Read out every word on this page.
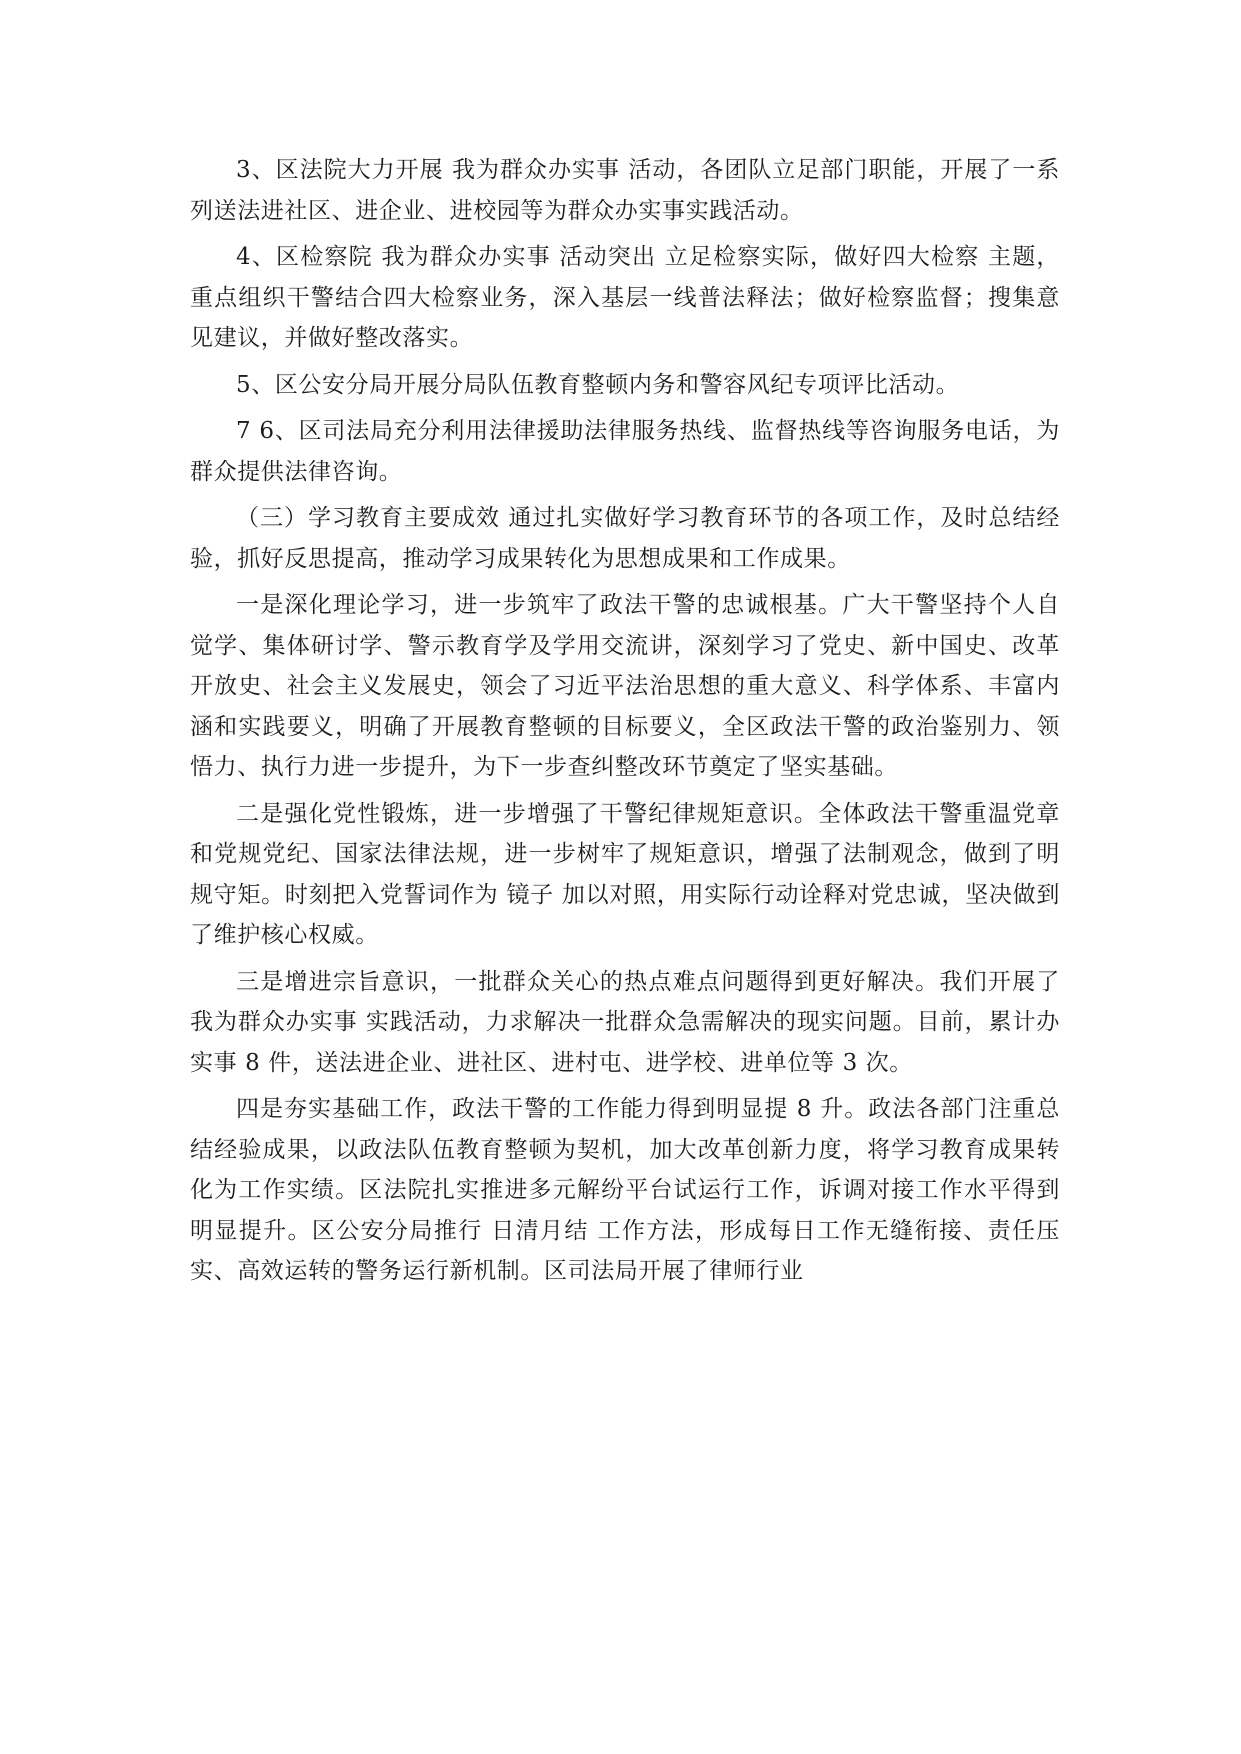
3、区法院大力开展 我为群众办实事 活动，各团队立足部门职能，开展了一系列送法进社区、进企业、进校园等为群众办实事实践活动。

4、区检察院 我为群众办实事 活动突出 立足检察实际，做好四大检察 主题，重点组织干警结合四大检察业务，深入基层一线普法释法；做好检察监督；搜集意见建议，并做好整改落实。

5、区公安分局开展分局队伍教育整顿内务和警容风纪专项评比活动。

7 6、区司法局充分利用法律援助法律服务热线、监督热线等咨询服务电话，为群众提供法律咨询。

（三）学习教育主要成效 通过扎实做好学习教育环节的各项工作，及时总结经验，抓好反思提高，推动学习成果转化为思想成果和工作成果。

一是深化理论学习，进一步筑牢了政法干警的忠诚根基。广大干警坚持个人自觉学、集体研讨学、警示教育学及学用交流讲，深刻学习了党史、新中国史、改革开放史、社会主义发展史，领会了习近平法治思想的重大意义、科学体系、丰富内涵和实践要义，明确了开展教育整顿的目标要义，全区政法干警的政治鉴别力、领悟力、执行力进一步提升，为下一步查纠整改环节奠定了坚实基础。

二是强化党性锻炼，进一步增强了干警纪律规矩意识。全体政法干警重温党章和党规党纪、国家法律法规，进一步树牢了规矩意识，增强了法制观念，做到了明规守矩。时刻把入党誓词作为 镜子 加以对照，用实际行动诠释对党忠诚，坚决做到了维护核心权威。

三是增进宗旨意识，一批群众关心的热点难点问题得到更好解决。我们开展了 我为群众办实事 实践活动，力求解决一批群众急需解决的现实问题。目前，累计办实事 8 件，送法进企业、进社区、进村屯、进学校、进单位等 3 次。

四是夯实基础工作，政法干警的工作能力得到明显提 8 升。政法各部门注重总结经验成果，以政法队伍教育整顿为契机，加大改革创新力度，将学习教育成果转化为工作实绩。区法院扎实推进多元解纷平台试运行工作，诉调对接工作水平得到明显提升。区公安分局推行 日清月结 工作方法，形成每日工作无缝衔接、责任压实、高效运转的警务运行新机制。区司法局开展了律师行业
